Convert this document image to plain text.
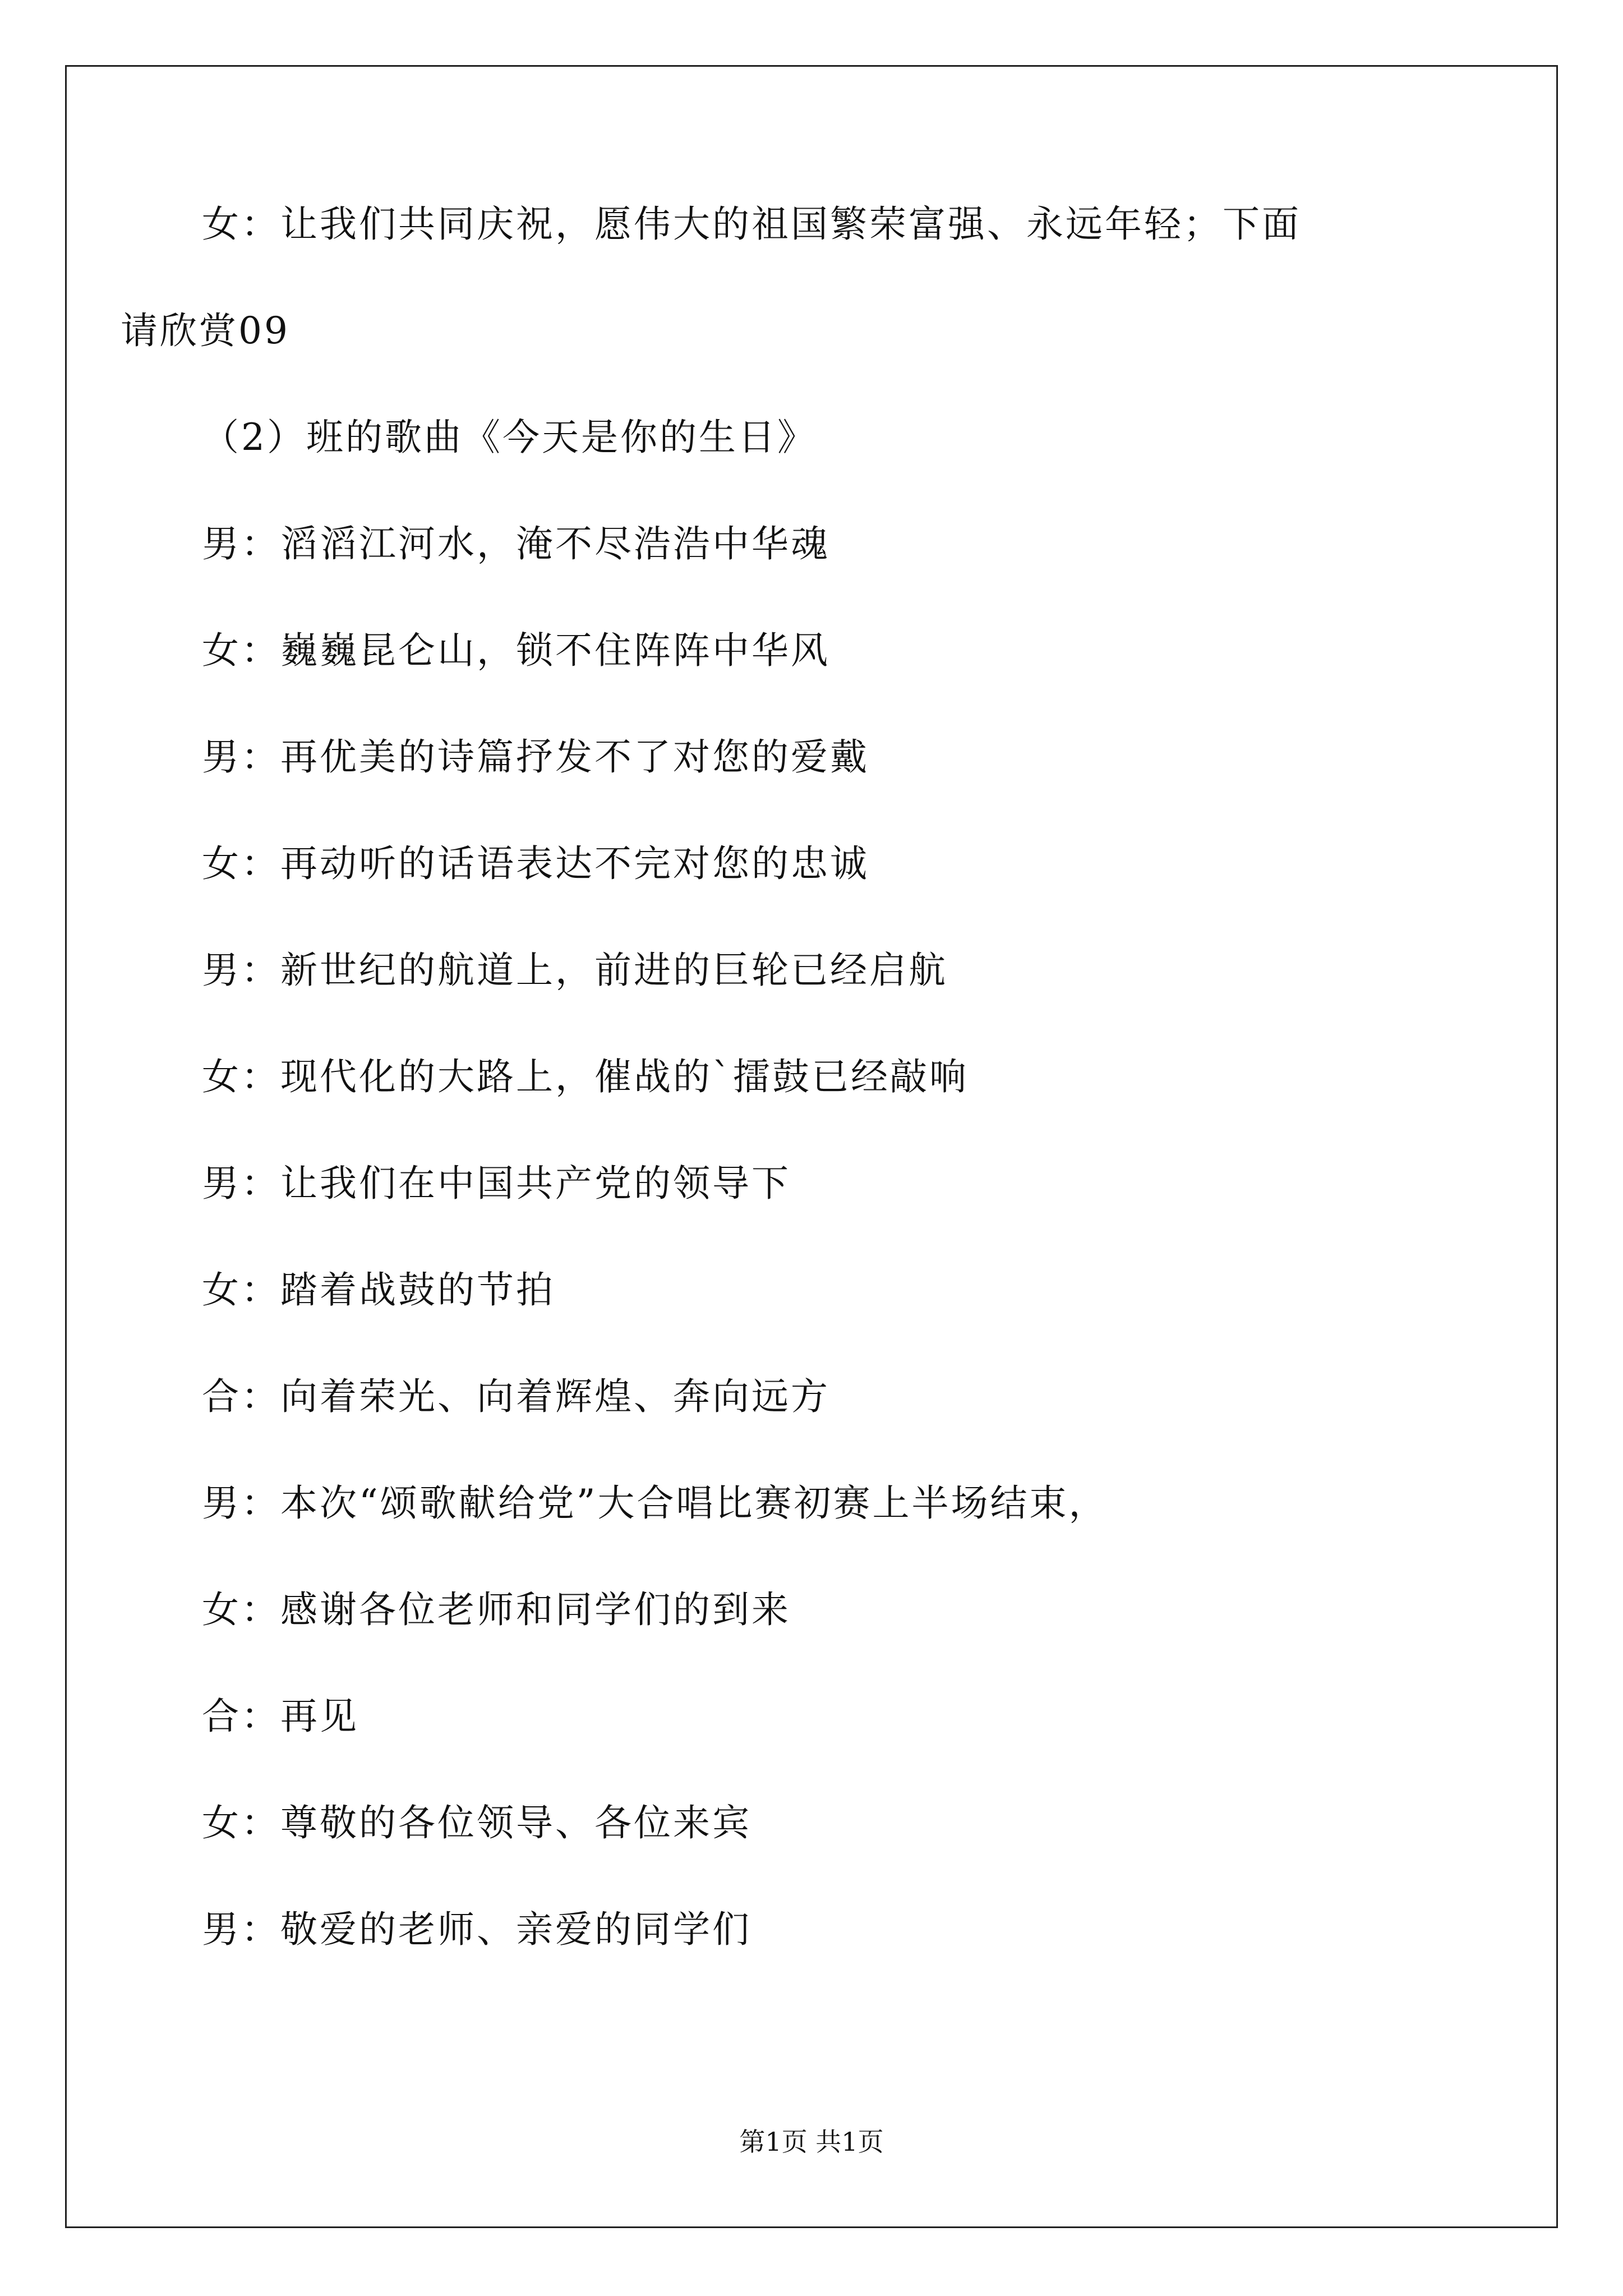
女：让我们共同庆祝，愿伟大的祖国繁荣富强、永远年轻；下面
请欣赏09

（2）班的歌曲《今天是你的生日》

男：滔滔江河水，淹不尽浩浩中华魂

女：巍巍昆仑山，锁不住阵阵中华风

男：再优美的诗篇抒发不了对您的爱戴

女：再动听的话语表达不完对您的忠诚

男：新世纪的航道上，前进的巨轮已经启航

女：现代化的大路上，催战的`擂鼓已经敲响

男：让我们在中国共产党的领导下

女：踏着战鼓的节拍

合：向着荣光、向着辉煌、奔向远方

男：本次“颂歌献给党”大合唱比赛初赛上半场结束，

女：感谢各位老师和同学们的到来

合：再见

女：尊敬的各位领导、各位来宾

男：敬爱的老师、亲爱的同学们

第1页 共1页
